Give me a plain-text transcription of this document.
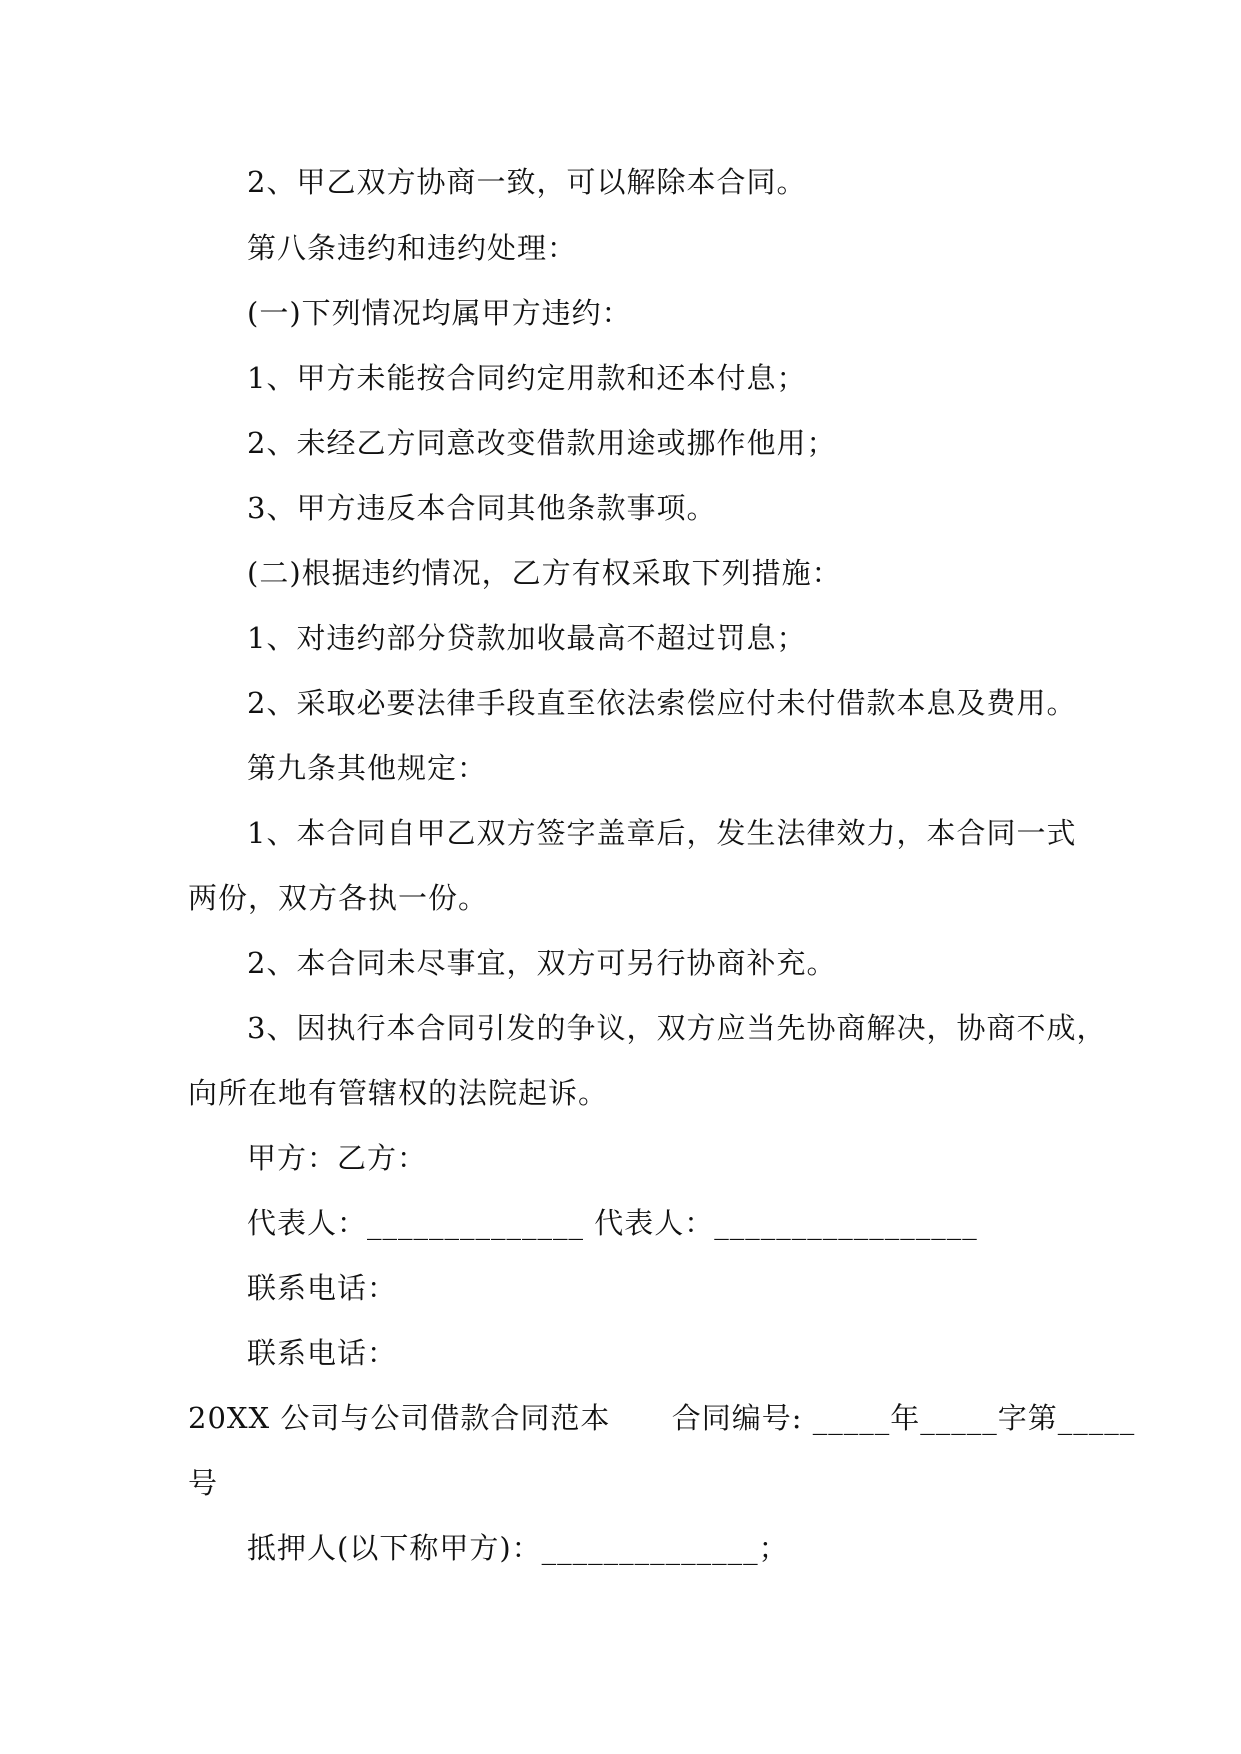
2、甲乙双方协商一致，可以解除本合同。
第八条违约和违约处理：
(一)下列情况均属甲方违约：
1、甲方未能按合同约定用款和还本付息；
2、未经乙方同意改变借款用途或挪作他用；
3、甲方违反本合同其他条款事项。
(二)根据违约情况，乙方有权采取下列措施：
1、对违约部分贷款加收最高不超过罚息；
2、采取必要法律手段直至依法索偿应付未付借款本息及费用。
第九条其他规定：
1、本合同自甲乙双方签字盖章后，发生法律效力，本合同一式
两份，双方各执一份。
2、本合同未尽事宜，双方可另行协商补充。
3、因执行本合同引发的争议，双方应当先协商解决，协商不成，
向所在地有管辖权的法院起诉。
甲方：乙方：
代表人：______________ 代表人：_________________
联系电话：
联系电话：
20XX 公司与公司借款合同范本      合同编号: _____年_____字第_____
号
抵押人(以下称甲方)：______________；
